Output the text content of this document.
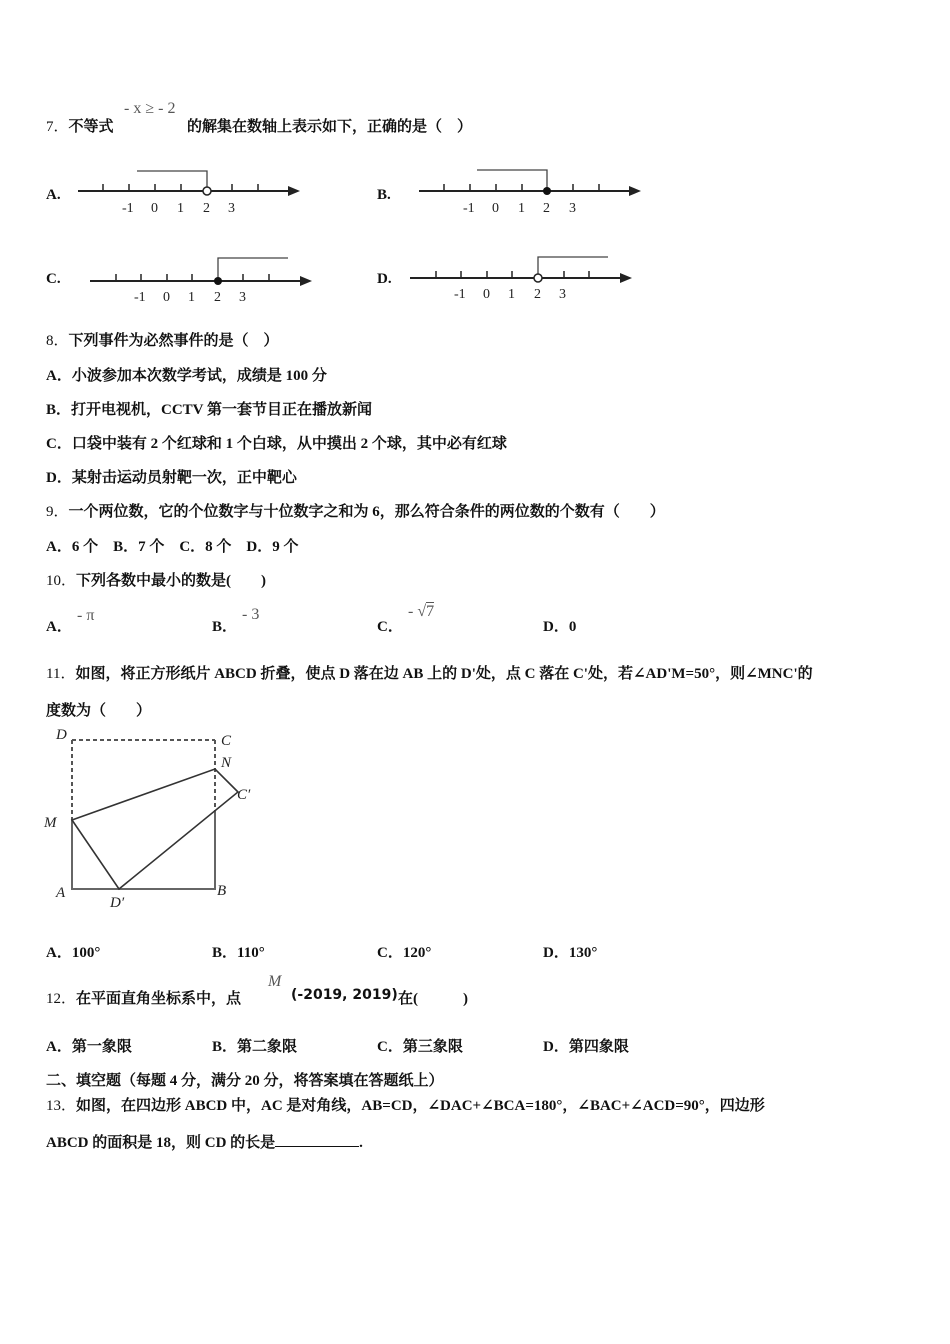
7．不等式
- x ≥ - 2
的解集在数轴上表示如下，正确的是（　）
A.
-1 0 1 2 3
B.
-1 0 1 2 3
C.
-1 0 1 2 3
D.
-1 0 1 2 3
8．下列事件为必然事件的是（　）
A．小波参加本次数学考试，成绩是 100 分
B．打开电视机，CCTV 第一套节目正在播放新闻
C．口袋中装有 2 个红球和 1 个白球，从中摸出 2 个球，其中必有红球
D．某射击运动员射靶一次，正中靶心
9．一个两位数，它的个位数字与十位数字之和为 6，那么符合条件的两位数的个数有（　　）
A．6 个　B．7 个　C．8 个　D．9 个
10．下列各数中最小的数是(　　)
A．
- π
B．
- 3
C．
- √7
D．0
11．如图，将正方形纸片 ABCD 折叠，使点 D 落在边 AB 上的 D'处，点 C 落在 C'处，若∠AD'M=50°，则∠MNC'的
度数为（　　）
D	C
N
C′
M
A
D′
B
A．100°	B．110°	C．120°	D．130°
12．在平面直角坐标系中，点
M
(-2019, 2019) 在(　　　)
A．第一象限	B．第二象限	C．第三象限	D．第四象限
二、填空题（每题 4 分，满分 20 分，将答案填在答题纸上）
13．如图，在四边形 ABCD 中，AC 是对角线，AB=CD，∠DAC+∠BCA=180°，∠BAC+∠ACD=90°，四边形
ABCD 的面积是 18，则 CD 的长是	.
